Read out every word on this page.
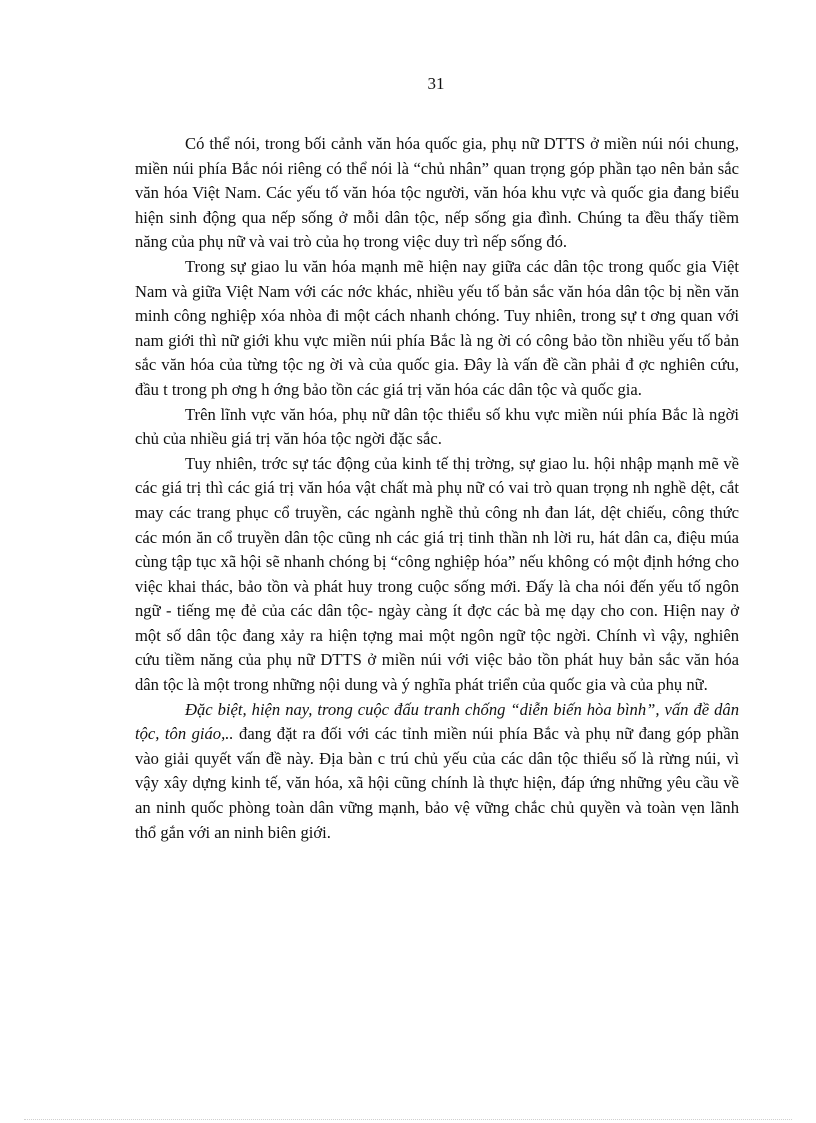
31

Có thể nói, trong bối cảnh văn hóa quốc gia, phụ nữ DTTS ở miền núi nói chung, miền núi phía Bắc nói riêng có thể nói là “chủ nhân” quan trọng góp phần tạo nên bản sắc văn hóa Việt Nam. Các yếu tố văn hóa tộc người, văn hóa khu vực và quốc gia đang biểu hiện sinh động qua nếp sống ở mỗi dân tộc, nếp sống gia đình. Chúng ta đều thấy tiềm năng của phụ nữ và vai trò của họ trong việc duy trì nếp sống đó.

Trong sự giao lu văn hóa mạnh mẽ hiện nay giữa các dân tộc trong quốc gia Việt Nam và giữa Việt Nam với các nớc khác, nhiều yếu tố bản sắc văn hóa dân tộc bị nền văn minh công nghiệp xóa nhòa đi một cách nhanh chóng. Tuy nhiên, trong sự t ơng quan với nam giới thì nữ giới khu vực miền núi phía Bắc là ng ời có công bảo tồn nhiều yếu tố bản sắc văn hóa của từng tộc ng ời và của quốc gia. Đây là vấn đề cần phải đ ợc nghiên cứu, đầu t trong ph ơng h ớng bảo tồn các giá trị văn hóa các dân tộc và quốc gia.

Trên lĩnh vực văn hóa, phụ nữ dân tộc thiểu số khu vực miền núi phía Bắc là ngời chủ của nhiều giá trị văn hóa tộc ngời đặc sắc.

Tuy nhiên, trớc sự tác động của kinh tế thị trờng, sự giao lu. hội nhập mạnh mẽ về các giá trị thì các giá trị văn hóa vật chất mà phụ nữ có vai trò quan trọng nh nghề dệt, cắt may các trang phục cổ truyền, các ngành nghề thủ công nh đan lát, dệt chiếu, công thức các món ăn cổ truyền dân tộc cũng nh các giá trị tinh thần nh lời ru, hát dân ca, điệu múa cùng tập tục xã hội sẽ nhanh chóng bị “công nghiệp hóa” nếu không có một định hớng cho việc khai thác, bảo tồn và phát huy trong cuộc sống mới. Đấy là cha nói đến yếu tố ngôn ngữ - tiếng mẹ đẻ của các dân tộc- ngày càng ít đợc các bà mẹ dạy cho con. Hiện nay ở một số dân tộc đang xảy ra hiện tợng mai một ngôn ngữ tộc ngời. Chính vì vậy, nghiên cứu tiềm năng của phụ nữ DTTS ở miền núi với việc bảo tồn phát huy bản sắc văn hóa dân tộc là một trong những nội dung và ý nghĩa phát triển của quốc gia và của phụ nữ.

Đặc biệt, hiện nay, trong cuộc đấu tranh chống “diễn biến hòa bình”, vấn đề dân tộc, tôn giáo,.. đang đặt ra đối với các tỉnh miền núi phía Bắc và phụ nữ đang góp phần vào giải quyết vấn đề này. Địa bàn c trú chủ yếu của các dân tộc thiểu số là rừng núi, vì vậy xây dựng kinh tế, văn hóa, xã hội cũng chính là thực hiện, đáp ứng những yêu cầu về an ninh quốc phòng toàn dân vững mạnh, bảo vệ vững chắc chủ quyền và toàn vẹn lãnh thổ gắn với an ninh biên giới.
